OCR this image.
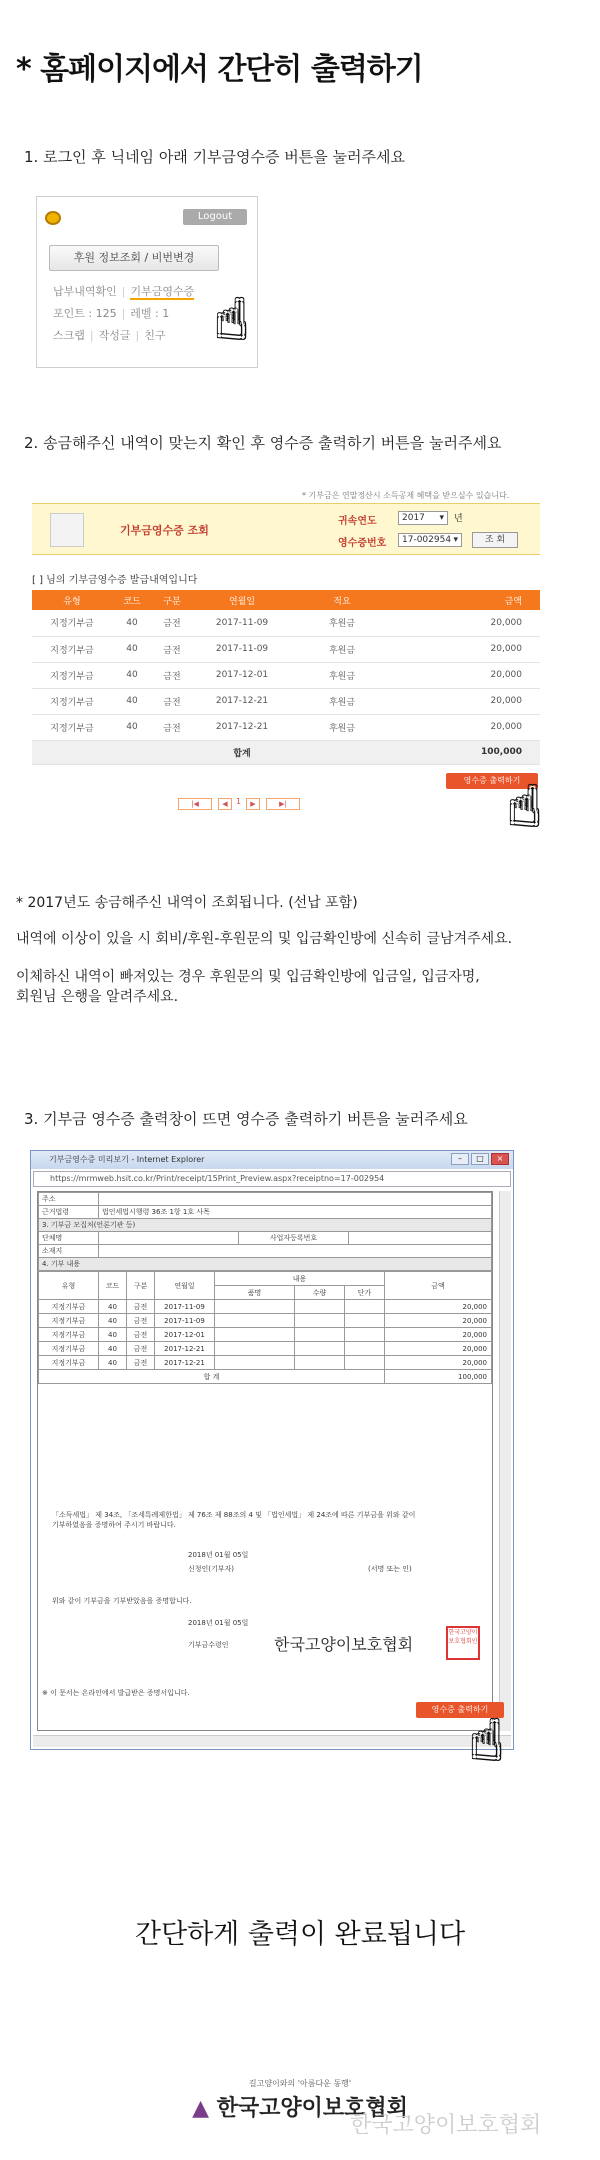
* 홈페이지에서 간단히 출력하기
1. 로그인 후 닉네임 아래 기부금영수증 버튼을 눌러주세요
Logout
후원 정보조회 / 비번변경
납부내역확인 | 기부금영수증
포인트 : 125 | 레벨 : 1
스크랩 | 작성글 | 친구 ☝
2. 송금해주신 내역이 맞는지 확인 후 영수증 출력하기 버튼을 눌러주세요
* 기부금은 연말정산시 소득공제 혜택을 받으실수 있습니다.
기부금영수증 조회
귀속연도	2017 ▾ 년
영수증번호	17-002954 ▾	조 회
[ ] 님의 기부금영수증 발급내역입니다
유형	코드	구분	연월일	적요	금액
지정기부금	40	금전	2017-11-09	후원금	20,000
지정기부금	40	금전	2017-11-09	후원금	20,000
지정기부금	40	금전	2017-12-01	후원금	20,000
지정기부금	40	금전	2017-12-21	후원금	20,000
지정기부금	40	금전	2017-12-21	후원금	20,000
			합계		100,000
|◀	◀	1	▶	▶|
영수증 출력하기
☝
* 2017년도 송금해주신 내역이 조회됩니다. (선납 포함)
내역에 이상이 있을 시 회비/후원-후원문의 및 입금확인방에 신속히 글남겨주세요.
이체하신 내역이 빠져있는 경우 후원문의 및 입금확인방에 입금일, 입금자명,
회원님 은행을 알려주세요.
3. 기부금 영수증 출력창이 뜨면 영수증 출력하기 버튼을 눌러주세요
기부금영수증 미리보기 - Internet Explorer	– □ ×
https://mrmweb.hsit.co.kr/Print/receipt/15Print_Preview.aspx?receiptno=17-002954
주소			
근거법령	법인세법시행령 36조 1항 1호 사목		
3. 기부금 모집처(언론기관 등)			
단체명		사업자등록번호	
소재지			
4. 기부 내용			
유형	코드	구분	연월일	내용			금액
				품명	수량	단가	
지정기부금	40	금전	2017-11-09				20,000
지정기부금	40	금전	2017-11-09				20,000
지정기부금	40	금전	2017-12-01				20,000
지정기부금	40	금전	2017-12-21				20,000
지정기부금	40	금전	2017-12-21				20,000
합 계							100,000
「소득세법」 제 34조, 「조세특례제한법」 제 76조 제 88조의 4 및 「법인세법」 제 24조에 따른 기부금을 위와 같이
기부하였음을 증명하여 주시기 바랍니다.
2018년 01월 05일
신청인(기부자)	(서명 또는 인)
위와 같이 기부금을 기부받았음을 증명합니다.
2018년 01월 05일
기부금수령인	한국고양이보호협회
한국고양이보호협회인
※ 이 문서는 온라인에서 발급받은 증명서입니다.
영수증 출력하기
☝
간단하게 출력이 완료됩니다
길고양이와의 '아름다운 동행'
▲ 한국고양이보호협회
한국고양이보호협회
